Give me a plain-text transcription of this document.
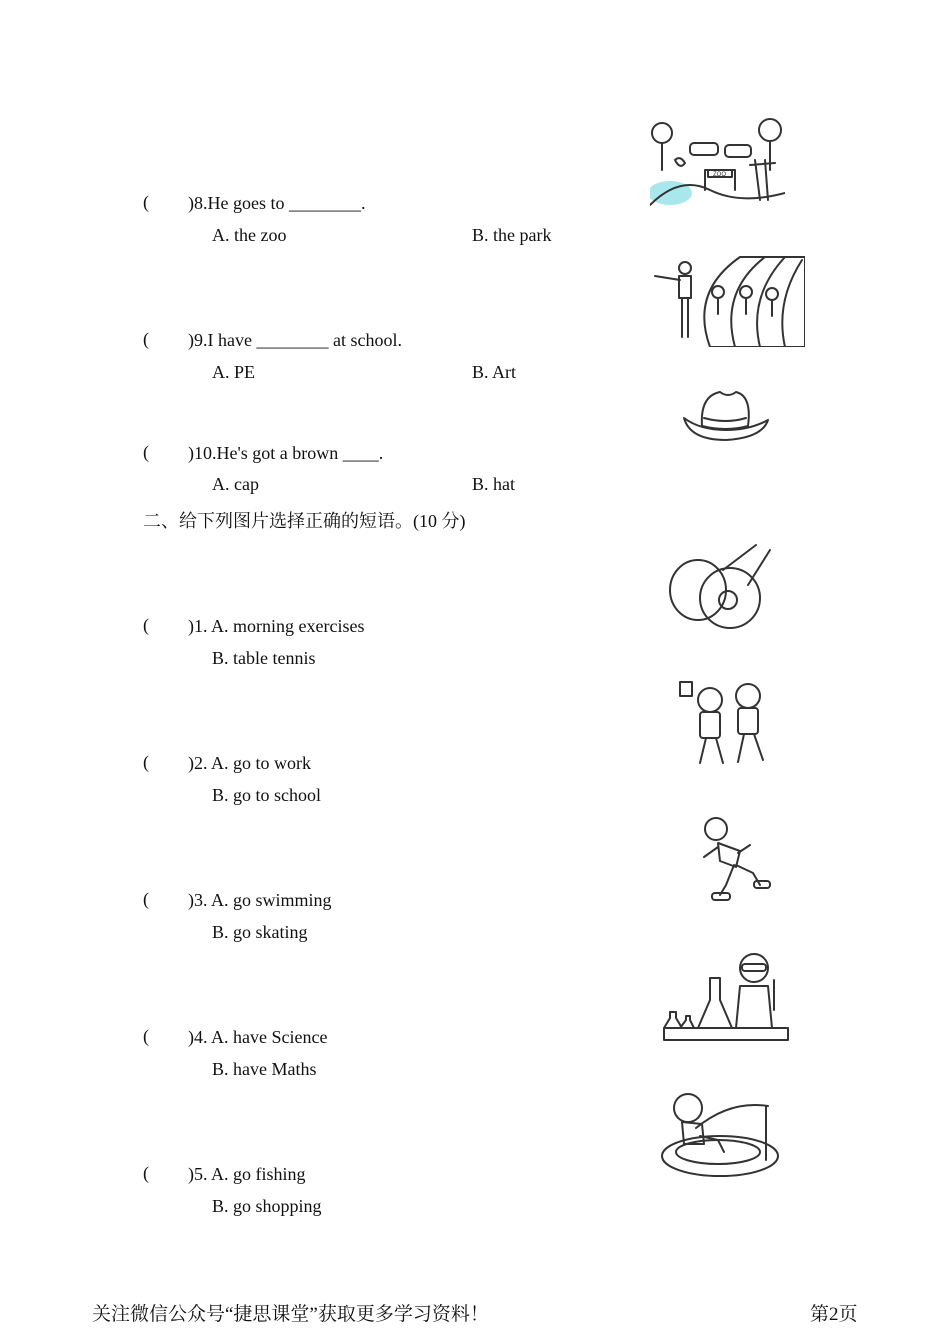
( )8.He goes to ________.
A. the zoo	B. the park
( )9.I have ________ at school.
A. PE	B. Art
( )10.He's got a brown ____.
A. cap	B. hat
二、给下列图片选择正确的短语。(10 分)
( )1. A. morning exercises
B. table tennis
( )2. A. go to work
B. go to school
( )3. A. go swimming
B. go skating
( )4. A. have Science
B. have Maths
( )5. A. go fishing
B. go shopping
ZOO
关注微信公众号“捷思课堂”获取更多学习资料！	第2页
